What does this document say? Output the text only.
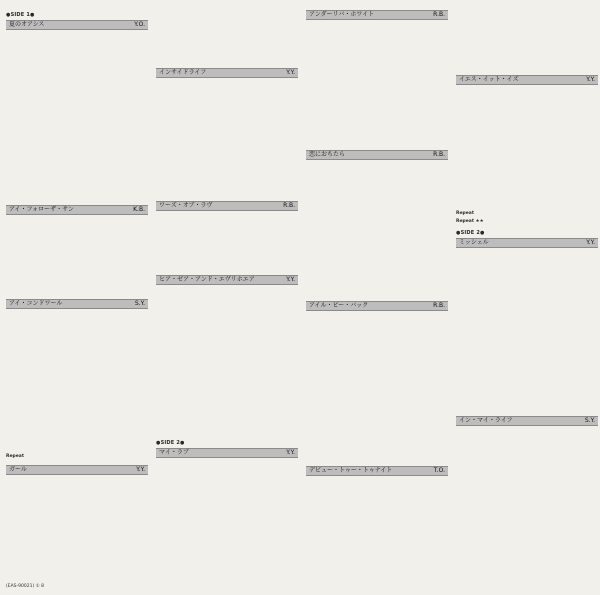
●SIDE 1●
夏のオアシス	Y.O.
アイ・フォローザ・サン	K.B.
アイ・コンドワール	S.Y.
Repeat
ガール	Y.Y.
インサイドライフ	Y.Y.
ワーズ・オブ・ラヴ	R.B.
ヒア・ゼア・アンド・エヴリホエア	Y.Y.
●SIDE 2●
マイ・ラブ	Y.Y.
アンダーリバ・ホワイト	R.B.
恋におちたら	R.B.
アイル・ビー・バック	R.B.
デビュー・トゥー・トゥナイト	T.O.
イエス・イット・イズ	Y.Y.
Repeat
Repeat ★★
●SIDE 2●
ミッシェル	Y.Y.
イン・マイ・ライフ	S.Y.
(EAS-90021) ① 8
